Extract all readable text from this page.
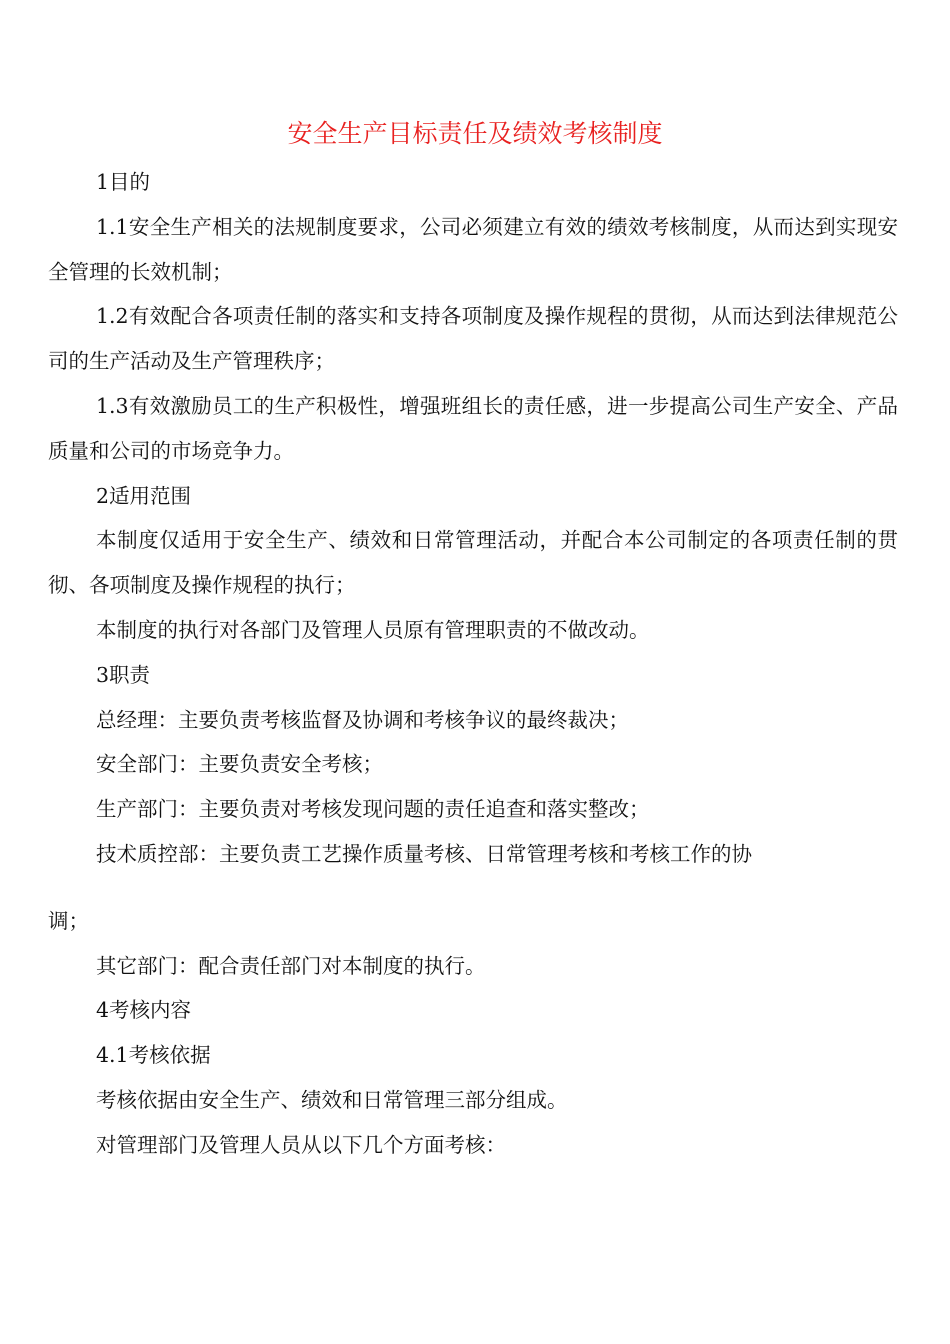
安全生产目标责任及绩效考核制度

1目的

1.1安全生产相关的法规制度要求，公司必须建立有效的绩效考核制度，从而达到实现安全管理的长效机制；

1.2有效配合各项责任制的落实和支持各项制度及操作规程的贯彻，从而达到法律规范公司的生产活动及生产管理秩序；

1.3有效激励员工的生产积极性，增强班组长的责任感，进一步提高公司生产安全、产品质量和公司的市场竞争力。

2适用范围

本制度仅适用于安全生产、绩效和日常管理活动，并配合本公司制定的各项责任制的贯彻、各项制度及操作规程的执行；

本制度的执行对各部门及管理人员原有管理职责的不做改动。

3职责

总经理：主要负责考核监督及协调和考核争议的最终裁决；

安全部门：主要负责安全考核；

生产部门：主要负责对考核发现问题的责任追查和落实整改；

技术质控部：主要负责工艺操作质量考核、日常管理考核和考核工作的协

调；

其它部门：配合责任部门对本制度的执行。

4考核内容

4.1考核依据

考核依据由安全生产、绩效和日常管理三部分组成。

对管理部门及管理人员从以下几个方面考核：
